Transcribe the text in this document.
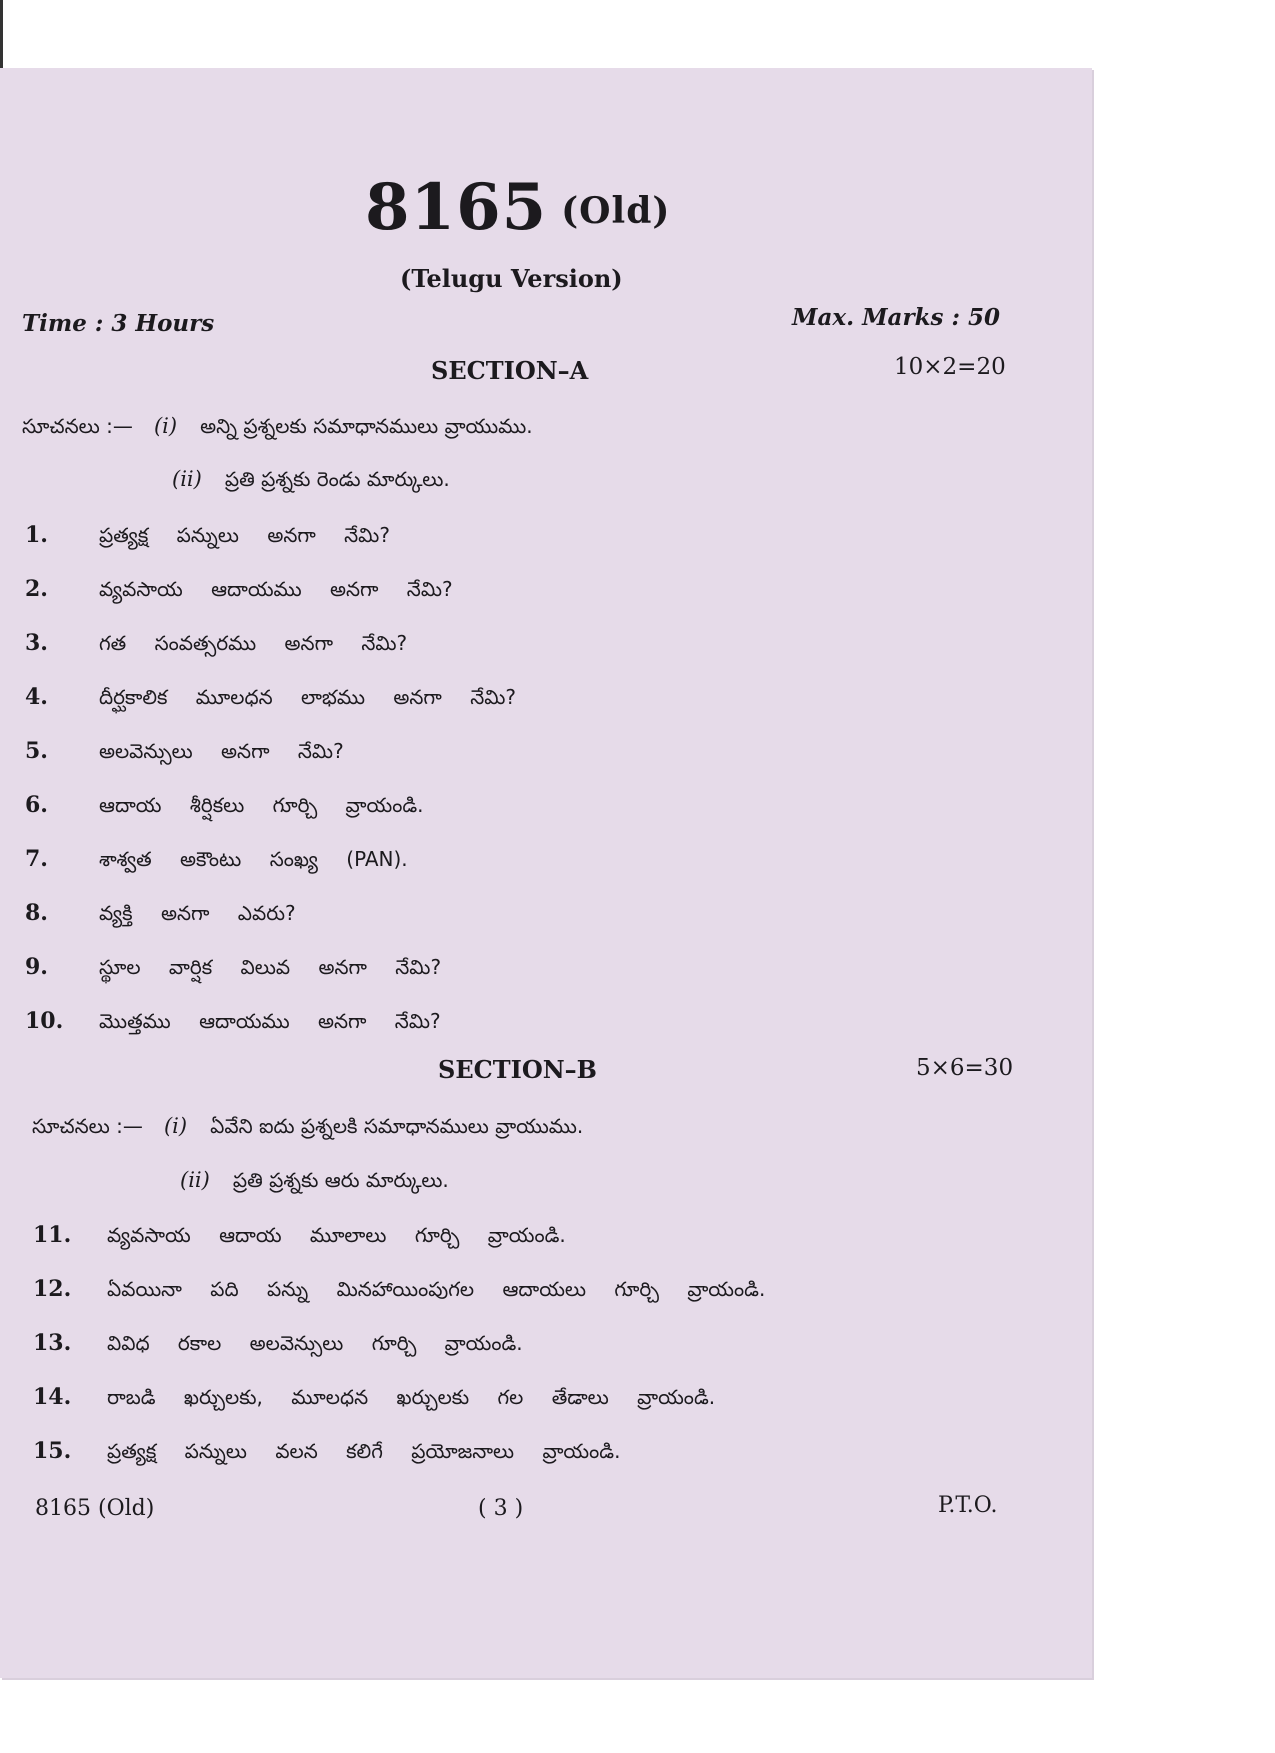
8165 (Old)
(Telugu Version)
Time : 3 Hours	Max. Marks : 50
SECTION–A	10×2=20
సూచనలు :— (i) అన్ని ప్రశ్నలకు సమాధానములు వ్రాయుము.
(ii) ప్రతి ప్రశ్నకు రెండు మార్కులు.
1.	ప్రత్యక్ష పన్నులు అనగా నేమి?
2.	వ్యవసాయ ఆదాయము అనగా నేమి?
3.	గత సంవత్సరము అనగా నేమి?
4.	దీర్ఘకాలిక మూలధన లాభము అనగా నేమి?
5.	అలవెన్సులు అనగా నేమి?
6.	ఆదాయ శీర్షికలు గూర్చి వ్రాయండి.
7.	శాశ్వత అకౌంటు సంఖ్య (PAN).
8.	వ్యక్తి అనగా ఎవరు?
9.	స్థూల వార్షిక విలువ అనగా నేమి?
10. మొత్తము ఆదాయము అనగా నేమి?
SECTION–B	5×6=30
సూచనలు :— (i) ఏవేని ఐదు ప్రశ్నలకి సమాధానములు వ్రాయుము.
(ii) ప్రతి ప్రశ్నకు ఆరు మార్కులు.
11. వ్యవసాయ ఆదాయ మూలాలు గూర్చి వ్రాయండి.
12. ఏవయినా పది పన్ను మినహాయింపుగల ఆదాయలు గూర్చి వ్రాయండి.
13. వివిధ రకాల అలవెన్సులు గూర్చి వ్రాయండి.
14. రాబడి ఖర్చులకు, మూలధన ఖర్చులకు గల తేడాలు వ్రాయండి.
15. ప్రత్యక్ష పన్నులు వలన కలిగే ప్రయోజనాలు వ్రాయండి.
8165 (Old)	( 3 )	P.T.O.
